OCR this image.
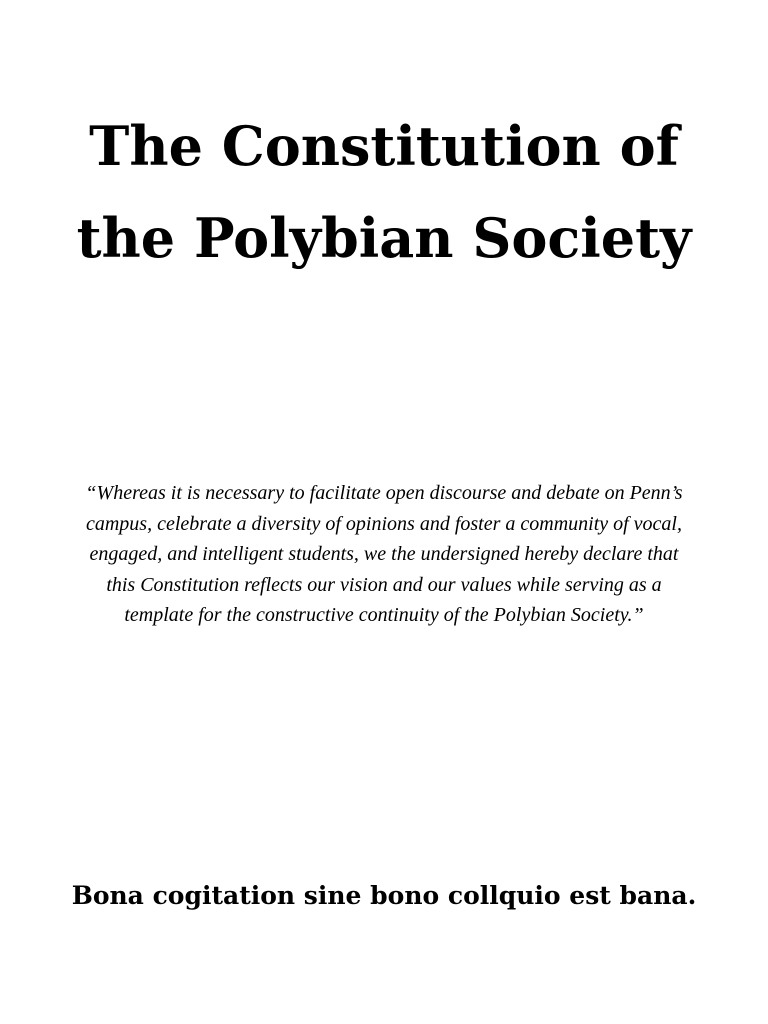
The Constitution of
the Polybian Society

“Whereas it is necessary to facilitate open discourse and debate on Penn’s campus, celebrate a diversity of opinions and foster a community of vocal, engaged, and intelligent students, we the undersigned hereby declare that this Constitution reflects our vision and our values while serving as a template for the constructive continuity of the Polybian Society.”

Bona cogitation sine bono collquio est bana.
